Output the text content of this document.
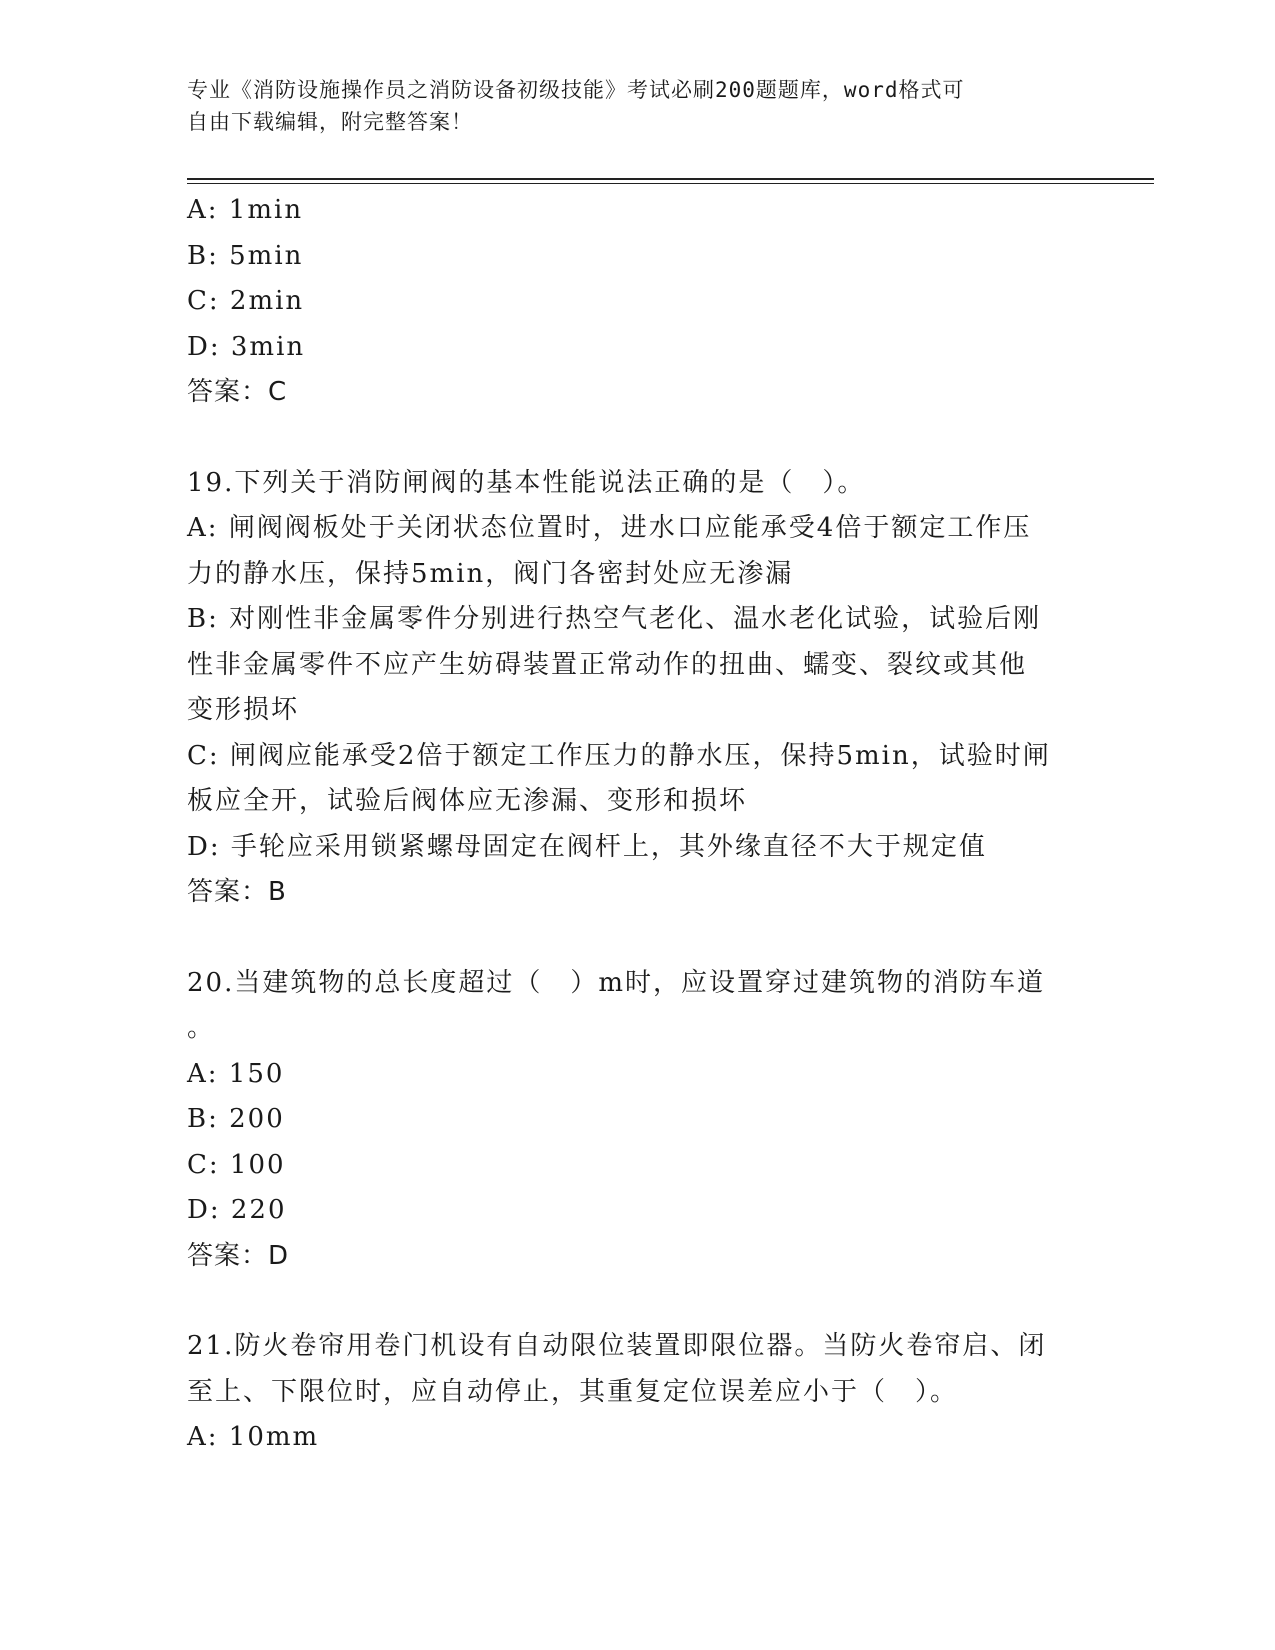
专业《消防设施操作员之消防设备初级技能》考试必刷200题题库，word格式可
自由下载编辑，附完整答案！
A: 1min
B: 5min
C: 2min
D: 3min
答案：C
19.下列关于消防闸阀的基本性能说法正确的是（　）。
A: 闸阀阀板处于关闭状态位置时，进水口应能承受4倍于额定工作压
力的静水压，保持5min，阀门各密封处应无渗漏
B: 对刚性非金属零件分别进行热空气老化、温水老化试验，试验后刚
性非金属零件不应产生妨碍装置正常动作的扭曲、蠕变、裂纹或其他
变形损坏
C: 闸阀应能承受2倍于额定工作压力的静水压，保持5min，试验时闸
板应全开，试验后阀体应无渗漏、变形和损坏
D: 手轮应采用锁紧螺母固定在阀杆上，其外缘直径不大于规定值
答案：B
20.当建筑物的总长度超过（　）m时，应设置穿过建筑物的消防车道
。
A: 150
B: 200
C: 100
D: 220
答案：D
21.防火卷帘用卷门机设有自动限位装置即限位器。当防火卷帘启、闭
至上、下限位时，应自动停止，其重复定位误差应小于（　）。
A: 10mm
